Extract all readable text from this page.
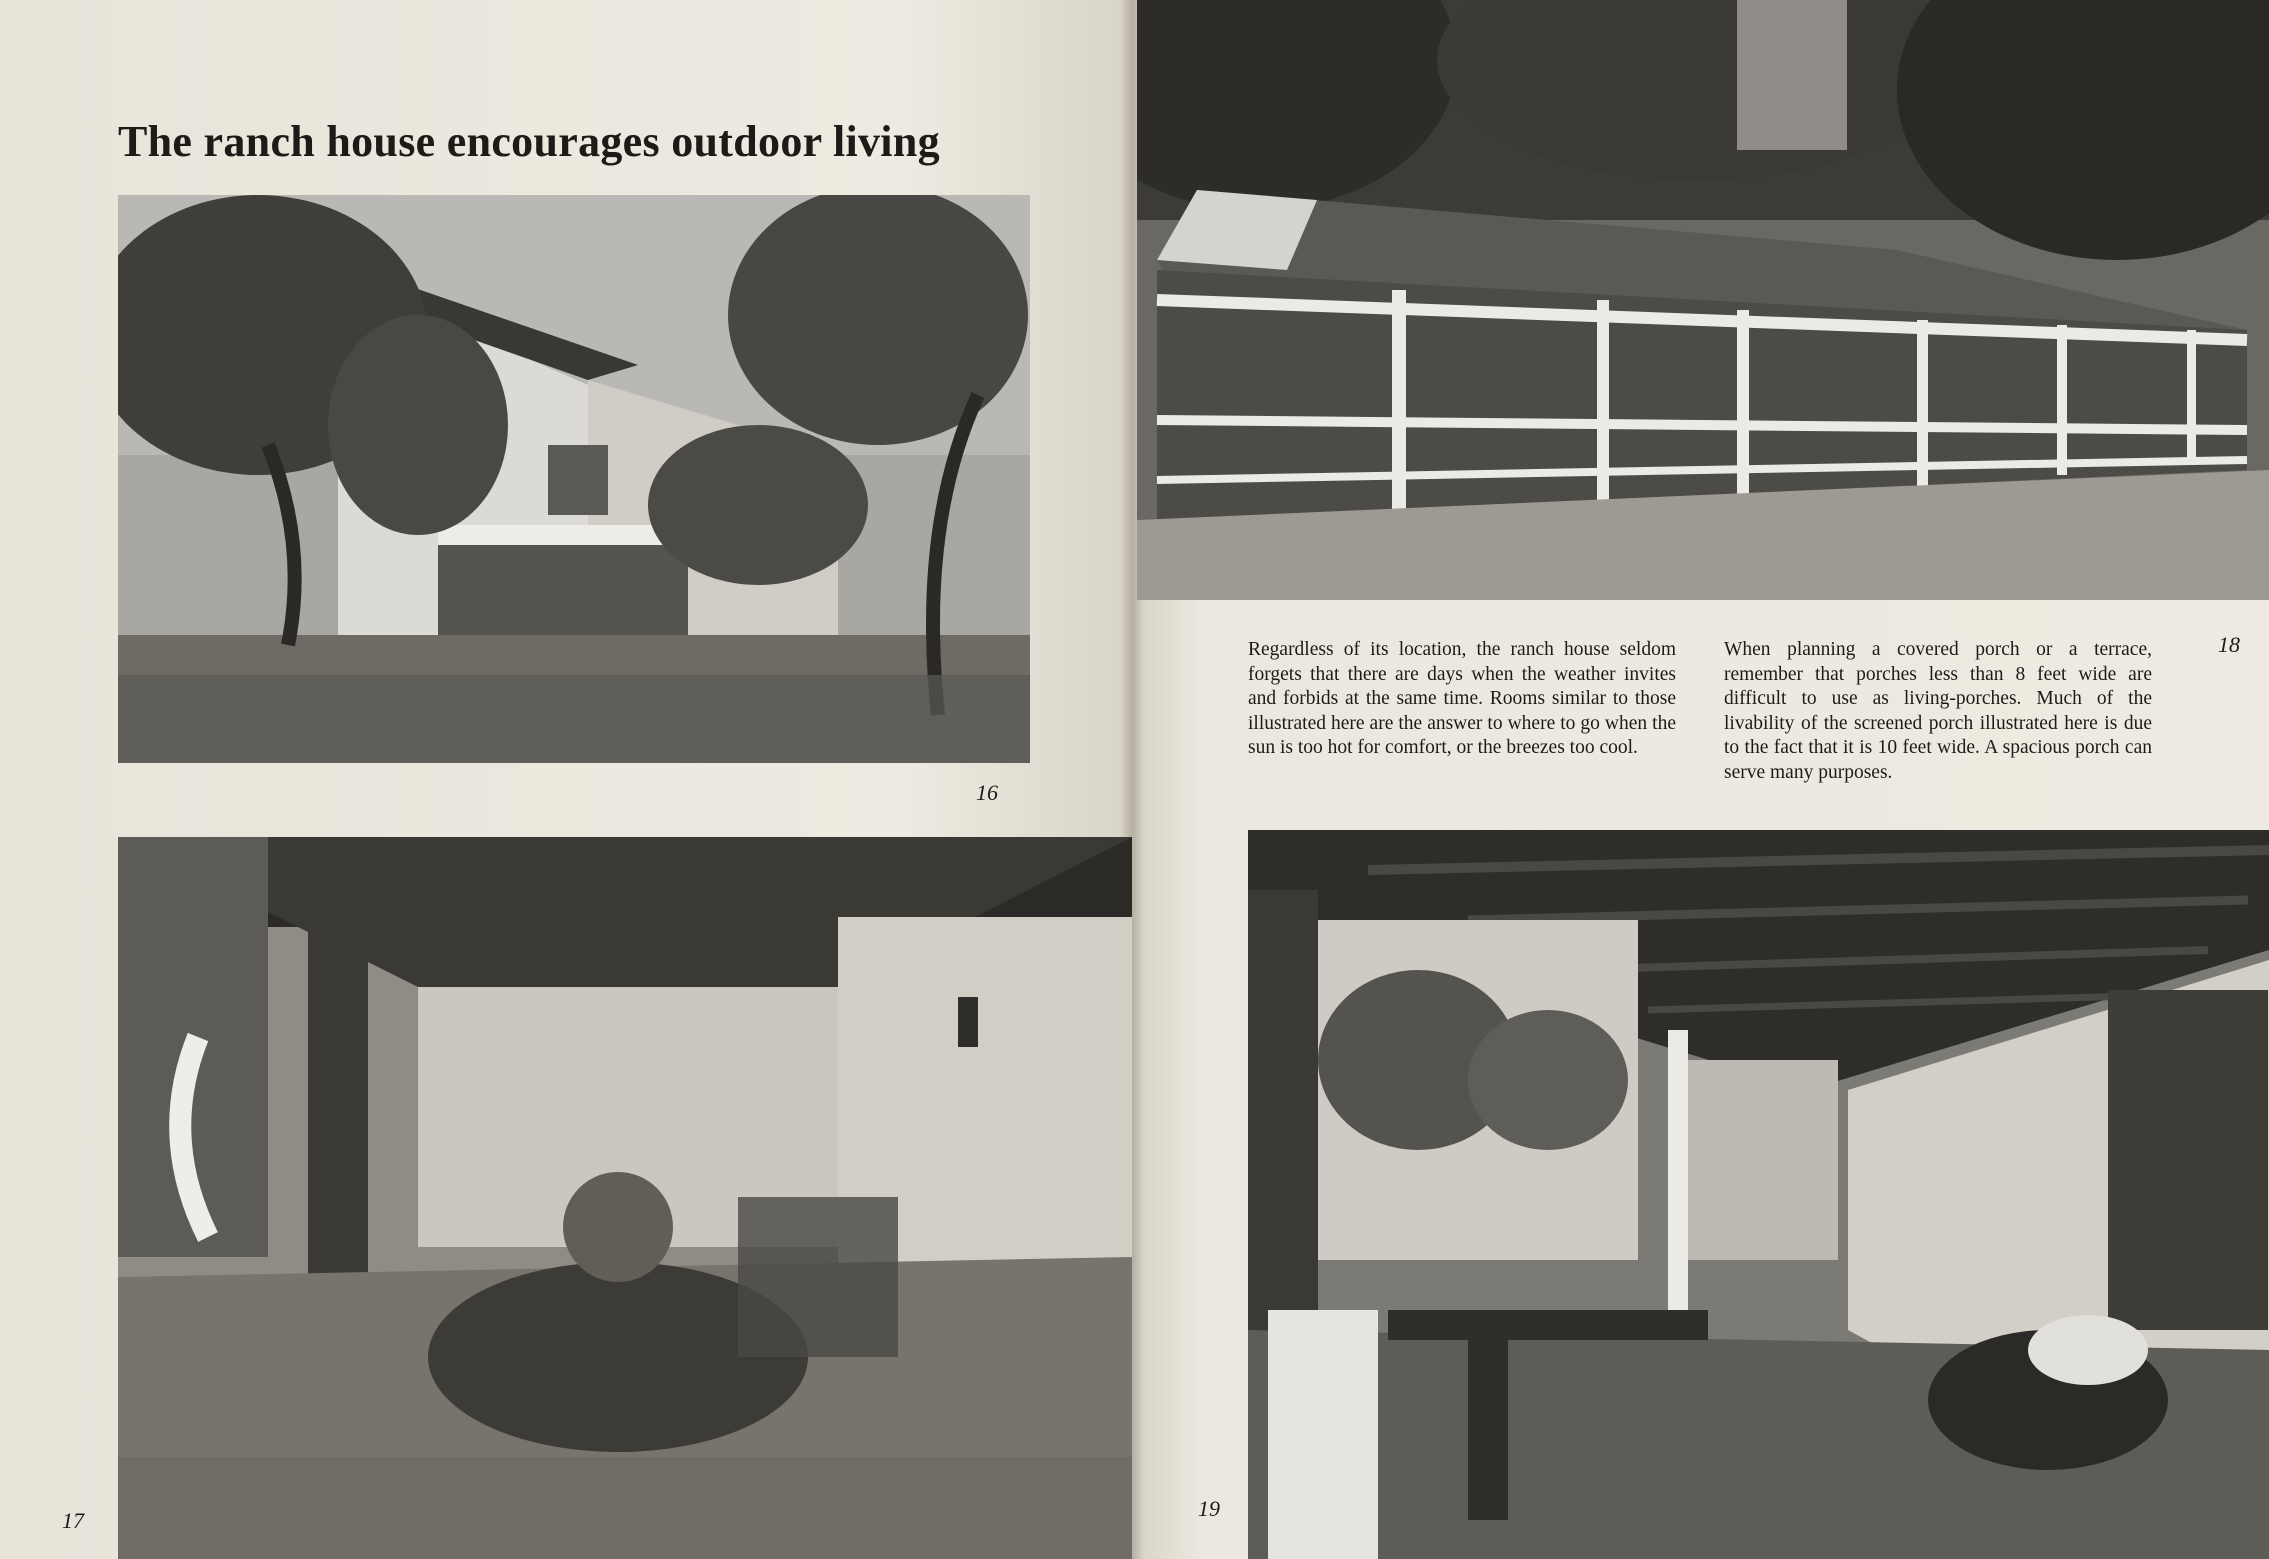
The ranch house encourages outdoor living
16
17

Regardless of its location, the ranch house seldom forgets that there are days when the weather invites and forbids at the same time. Rooms similar to those illustrated here are the answer to where to go when the sun is too hot for comfort, or the breezes too cool.

When planning a covered porch or a terrace, remember that porches less than 8 feet wide are difficult to use as living-porches. Much of the livability of the screened porch illustrated here is due to the fact that it is 10 feet wide. A spacious porch can serve many purposes.

18
19
